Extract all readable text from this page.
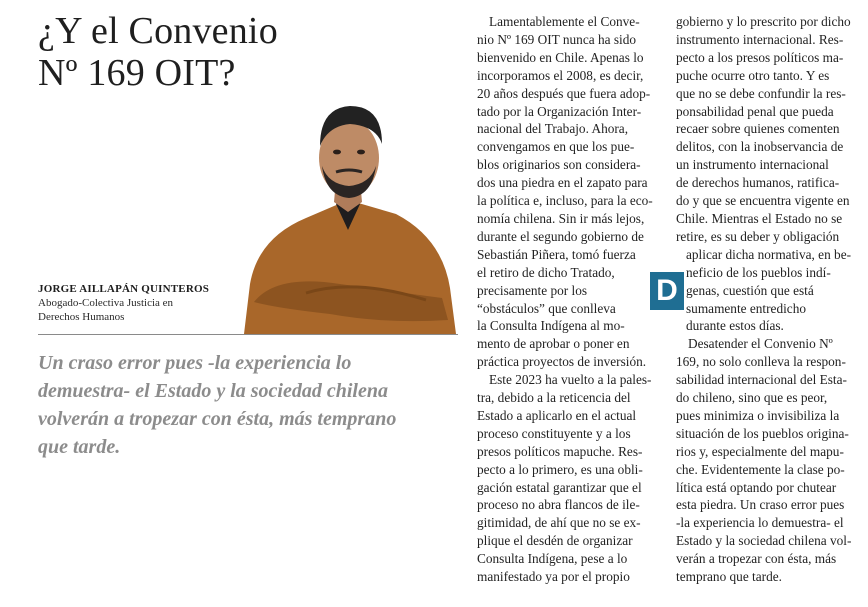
¿Y el Convenio
Nº 169 OIT?
JORGE AILLAPÁN QUINTEROS
Abogado-Colectiva Justicia en
Derechos Humanos
Un craso error pues -la experiencia lo
demuestra- el Estado y la sociedad chilena
volverán a tropezar con ésta, más temprano
que tarde.
Lamentablemente el Conve-
nio Nº 169 OIT nunca ha sido
bienvenido en Chile. Apenas lo
incorporamos el 2008, es decir,
20 años después que fuera adop-
tado por la Organización Inter-
nacional del Trabajo. Ahora,
convengamos en que los pue-
blos originarios son considera-
dos una piedra en el zapato para
la política e, incluso, para la eco-
nomía chilena. Sin ir más lejos,
durante el segundo gobierno de
Sebastián Piñera, tomó fuerza
el retiro de dicho Tratado,
precisamente por los
“obstáculos” que conlleva
la Consulta Indígena al mo-
mento de aprobar o poner en
práctica proyectos de inversión.
Este 2023 ha vuelto a la pales-
tra, debido a la reticencia del
Estado a aplicarlo en el actual
proceso constituyente y a los
presos políticos mapuche. Res-
pecto a lo primero, es una obli-
gación estatal garantizar que el
proceso no abra flancos de ile-
gitimidad, de ahí que no se ex-
plique el desdén de organizar
Consulta Indígena, pese a lo
manifestado ya por el propio
gobierno y lo prescrito por dicho
instrumento internacional. Res-
pecto a los presos políticos ma-
puche ocurre otro tanto. Y es
que no se debe confundir la res-
ponsabilidad penal que pueda
recaer sobre quienes comenten
delitos, con la inobservancia de
un instrumento internacional
de derechos humanos, ratifica-
do y que se encuentra vigente en
Chile. Mientras el Estado no se
retire, es su deber y obligación
aplicar dicha normativa, en be-
neficio de los pueblos indí-
genas, cuestión que está
sumamente entredicho
durante estos días.
Desatender el Convenio Nº
169, no solo conlleva la respon-
sabilidad internacional del Esta-
do chileno, sino que es peor,
pues minimiza o invisibiliza la
situación de los pueblos origina-
rios y, especialmente del mapu-
che. Evidentemente la clase po-
lítica está optando por chutear
esta piedra. Un craso error pues
-la experiencia lo demuestra- el
Estado y la sociedad chilena vol-
verán a tropezar con ésta, más
temprano que tarde.
D
